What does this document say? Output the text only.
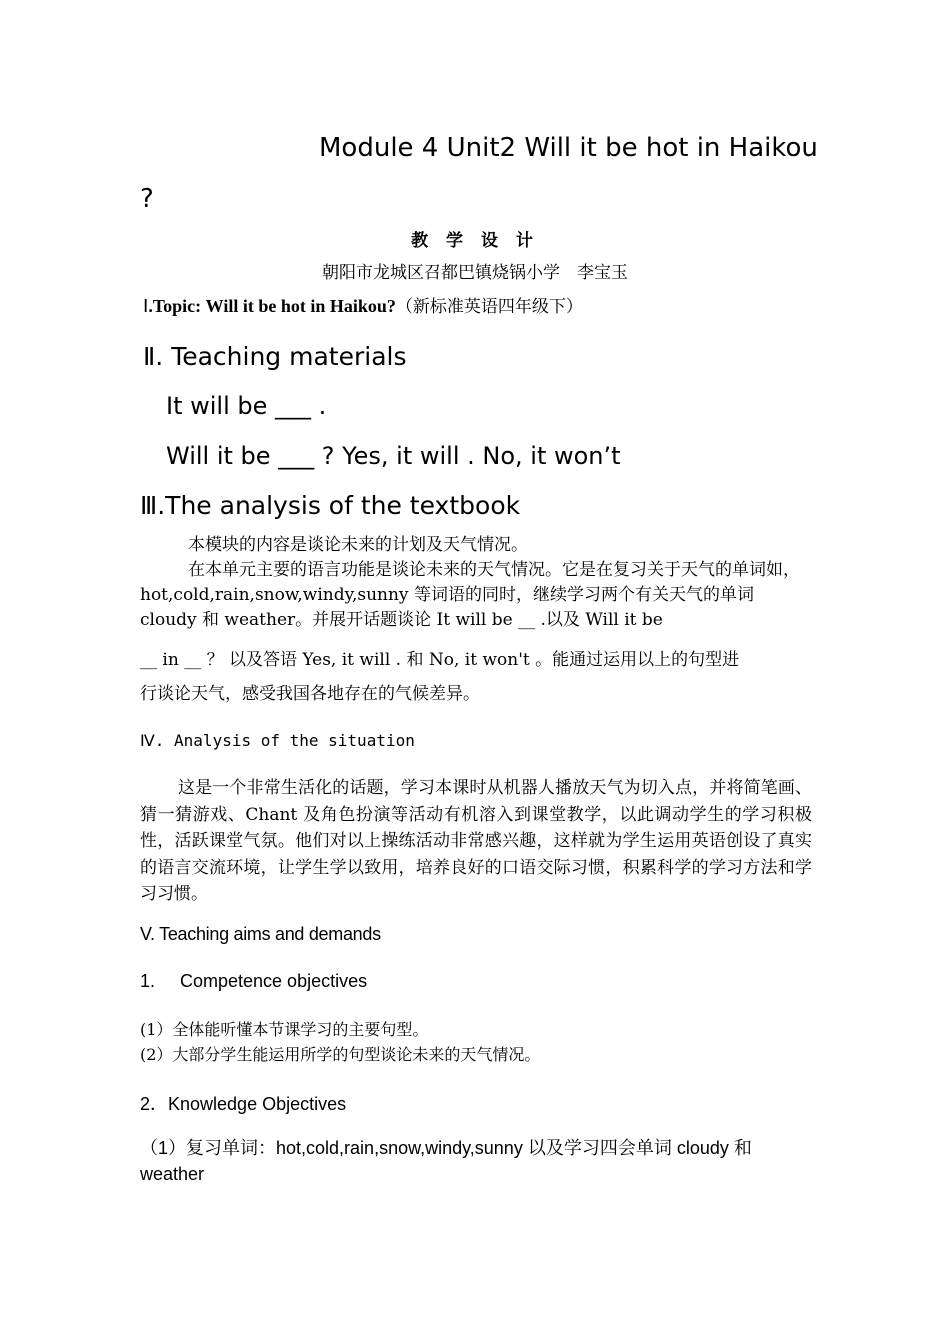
Module 4 Unit2 Will it be hot in Haikou

?

教 学 设 计

朝阳市龙城区召都巴镇烧锅小学　李宝玉

Ⅰ.Topic: Will it be hot in Haikou?（新标准英语四年级下）

Ⅱ. Teaching materials

It will be ___ .

Will it be ___ ? Yes, it will . No, it won’t

Ⅲ.The analysis of the textbook

本模块的内容是谈论未来的计划及天气情况。

在本单元主要的语言功能是谈论未来的天气情况。它是在复习关于天气的单词如，hot,cold,rain,snow,windy,sunny 等词语的同时，继续学习两个有关天气的单词 cloudy 和 weather。并展开话题谈论 It will be __ .以及 Will it be

__ in __ ？ 以及答语 Yes, it will . 和 No, it won't 。能通过运用以上的句型进

行谈论天气，感受我国各地存在的气候差异。

Ⅳ. Analysis of the situation

这是一个非常生活化的话题，学习本课时从机器人播放天气为切入点，并将简笔画、猜一猜游戏、Chant 及角色扮演等活动有机溶入到课堂教学，以此调动学生的学习积极性，活跃课堂气氛。他们对以上操练活动非常感兴趣，这样就为学生运用英语创设了真实的语言交流环境，让学生学以致用，培养良好的口语交际习惯，积累科学的学习方法和学习习惯。

V. Teaching aims and demands

1. Competence objectives

(1）全体能听懂本节课学习的主要句型。

(2）大部分学生能运用所学的句型谈论未来的天气情况。

2．Knowledge Objectives

（1）复习单词：hot,cold,rain,snow,windy,sunny 以及学习四会单词 cloudy 和 weather
